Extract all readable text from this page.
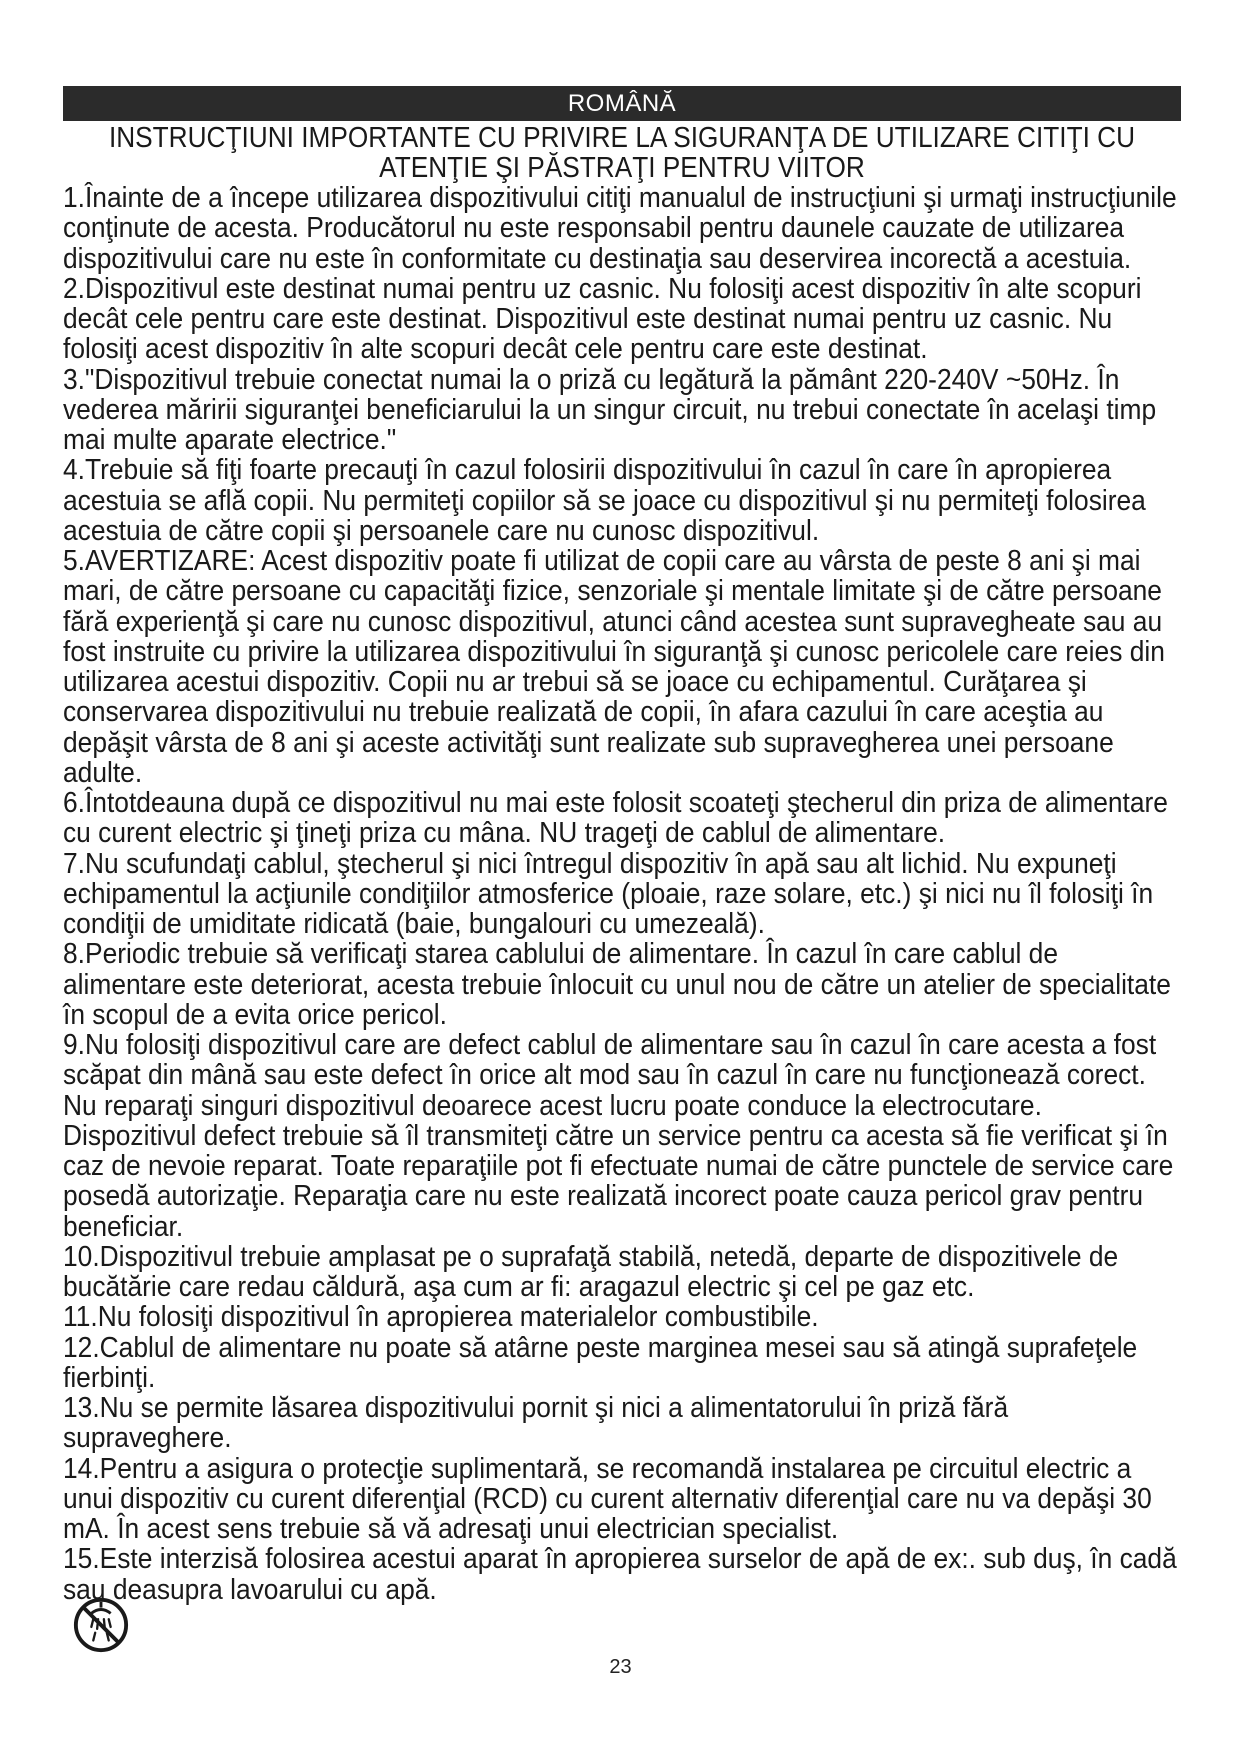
ROMÂNĂ
INSTRUCŢIUNI IMPORTANTE CU PRIVIRE LA SIGURANŢA DE UTILIZARE CITIŢI CU ATENŢIE ŞI PĂSTRAŢI PENTRU VIITOR

1.Înainte de a începe utilizarea dispozitivului citiţi manualul de instrucţiuni şi urmaţi instrucţiunile conţinute de acesta. Producătorul nu este responsabil pentru daunele cauzate de utilizarea dispozitivului care nu este în conformitate cu destinaţia sau deservirea incorectă a acestuia.

2.Dispozitivul este destinat numai pentru uz casnic. Nu folosiţi acest dispozitiv în alte scopuri decât cele pentru care este destinat. Dispozitivul este destinat numai pentru uz casnic. Nu folosiţi acest dispozitiv în alte scopuri decât cele pentru care este destinat.

3."Dispozitivul trebuie conectat numai la o priză cu legătură la pământ 220-240V ~50Hz. În vederea măririi siguranţei beneficiarului la un singur circuit, nu trebui conectate în acelaşi timp mai multe aparate electrice."

4.Trebuie să fiţi foarte precauţi în cazul folosirii dispozitivului în cazul în care în apropierea acestuia se află copii. Nu permiteţi copiilor să se joace cu dispozitivul şi nu permiteţi folosirea acestuia de către copii şi persoanele care nu cunosc dispozitivul.

5.AVERTIZARE: Acest dispozitiv poate fi utilizat de copii care au vârsta de peste 8 ani şi mai mari, de către persoane cu capacităţi fizice, senzoriale şi mentale limitate şi de către persoane fără experienţă şi care nu cunosc dispozitivul, atunci când acestea sunt supravegheate sau au fost instruite cu privire la utilizarea dispozitivului în siguranţă şi cunosc pericolele care reies din utilizarea acestui dispozitiv. Copii nu ar trebui să se joace cu echipamentul. Curăţarea şi conservarea dispozitivului nu trebuie realizată de copii, în afara cazului în care aceştia au depăşit vârsta de 8 ani şi aceste activităţi sunt realizate sub supravegherea unei persoane adulte.

6.Întotdeauna după ce dispozitivul nu mai este folosit scoateţi ştecherul din priza de alimentare cu curent electric şi ţineţi priza cu mâna. NU trageţi de cablul de alimentare.

7.Nu scufundaţi cablul, ştecherul şi nici întregul dispozitiv în apă sau alt lichid. Nu expuneţi echipamentul la acţiunile condiţiilor atmosferice (ploaie, raze solare, etc.) şi nici nu îl folosiţi în condiţii de umiditate ridicată (baie, bungalouri cu umezeală).

8.Periodic trebuie să verificaţi starea cablului de alimentare. În cazul în care cablul de alimentare este deteriorat, acesta trebuie înlocuit cu unul nou de către un atelier de specialitate în scopul de a evita orice pericol.

9.Nu folosiţi dispozitivul care are defect cablul de alimentare sau în cazul în care acesta a fost scăpat din mână sau este defect în orice alt mod sau în cazul în care nu funcţionează corect. Nu reparaţi singuri dispozitivul deoarece acest lucru poate conduce la electrocutare. Dispozitivul defect trebuie să îl transmiteţi către un service pentru ca acesta să fie verificat şi în caz de nevoie reparat. Toate reparaţiile pot fi efectuate numai de către punctele de service care posedă autorizaţie. Reparaţia care nu este realizată incorect poate cauza pericol grav pentru beneficiar.

10.Dispozitivul trebuie amplasat pe o suprafaţă stabilă, netedă, departe de dispozitivele de bucătărie care redau căldură, aşa cum ar fi: aragazul electric şi cel pe gaz etc.

11.Nu folosiţi dispozitivul în apropierea materialelor combustibile.

12.Cablul de alimentare nu poate să atârne peste marginea mesei sau să atingă suprafeţele fierbinţi.

13.Nu se permite lăsarea dispozitivului pornit şi nici a alimentatorului în priză fără supraveghere.

14.Pentru a asigura o protecţie suplimentară, se recomandă instalarea pe circuitul electric a unui dispozitiv cu curent diferenţial (RCD) cu curent alternativ diferenţial care nu va depăşi 30 mA. În acest sens trebuie să vă adresaţi unui electrician specialist.

15.Este interzisă folosirea acestui aparat în apropierea surselor de apă de ex:. sub duş, în cadă sau deasupra lavoarului cu apă.

23
